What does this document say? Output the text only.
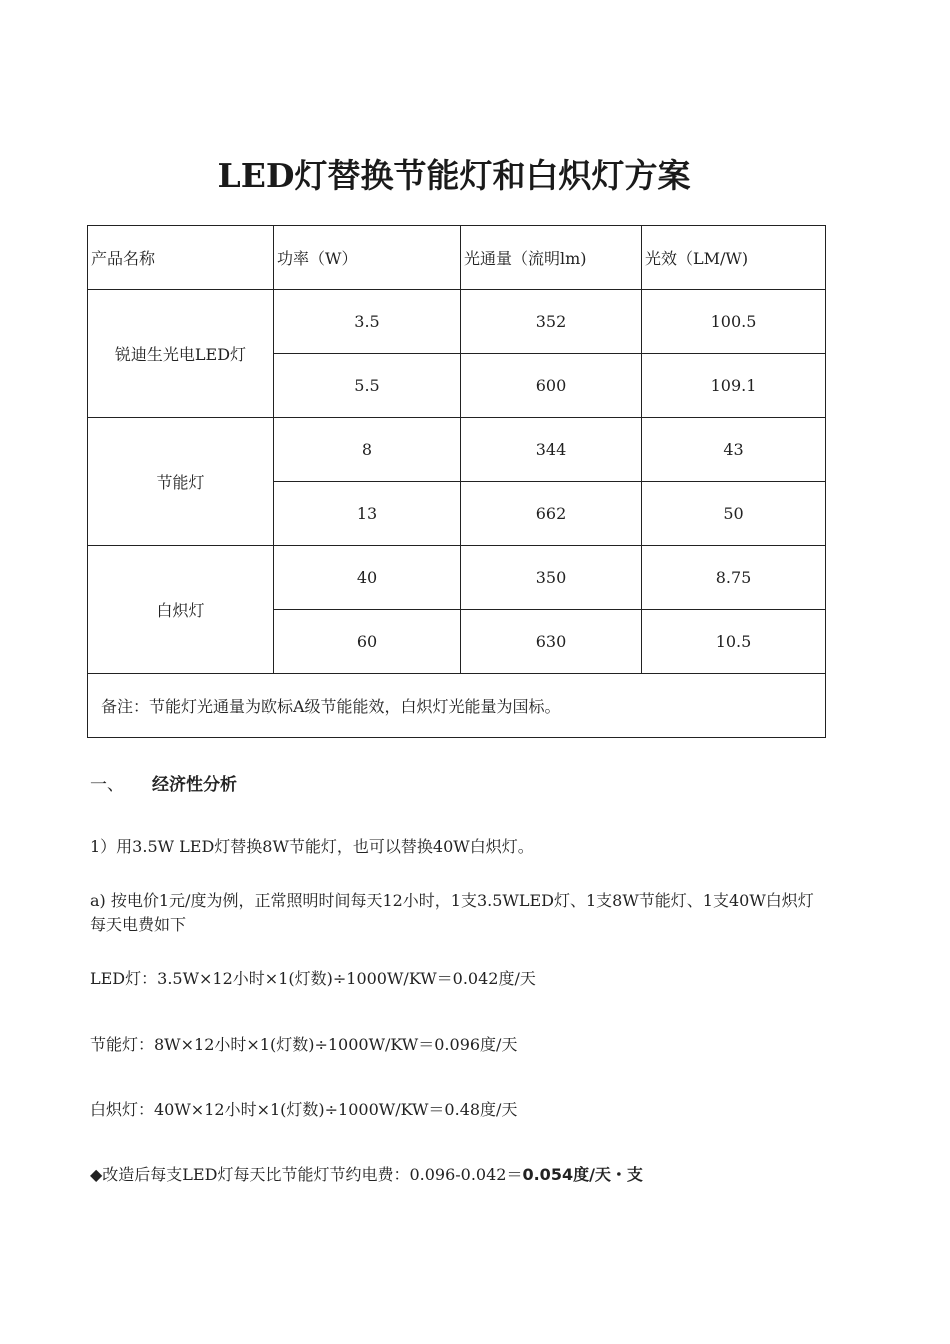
LED灯替换节能灯和白炽灯方案
产品名称	功率（W）	光通量（流明lm)	光效（LM/W)
锐迪生光电LED灯	3.5	352	100.5
	5.5	600	109.1
节能灯	8	344	43
	13	662	50
白炽灯	40	350	8.75
	60	630	10.5
备注：节能灯光通量为欧标A级节能能效，白炽灯光能量为国标。			
一、 经济性分析
1）用3.5W LED灯替换8W节能灯，也可以替换40W白炽灯。
a) 按电价1元/度为例，正常照明时间每天12小时，1支3.5WLED灯、1支8W节能灯、1支40W白炽灯每天电费如下
LED灯：3.5W×12小时×1(灯数)÷1000W/KW＝0.042度/天
节能灯：8W×12小时×1(灯数)÷1000W/KW＝0.096度/天
白炽灯：40W×12小时×1(灯数)÷1000W/KW＝0.48度/天
◆改造后每支LED灯每天比节能灯节约电费：0.096-0.042＝0.054度/天・支
